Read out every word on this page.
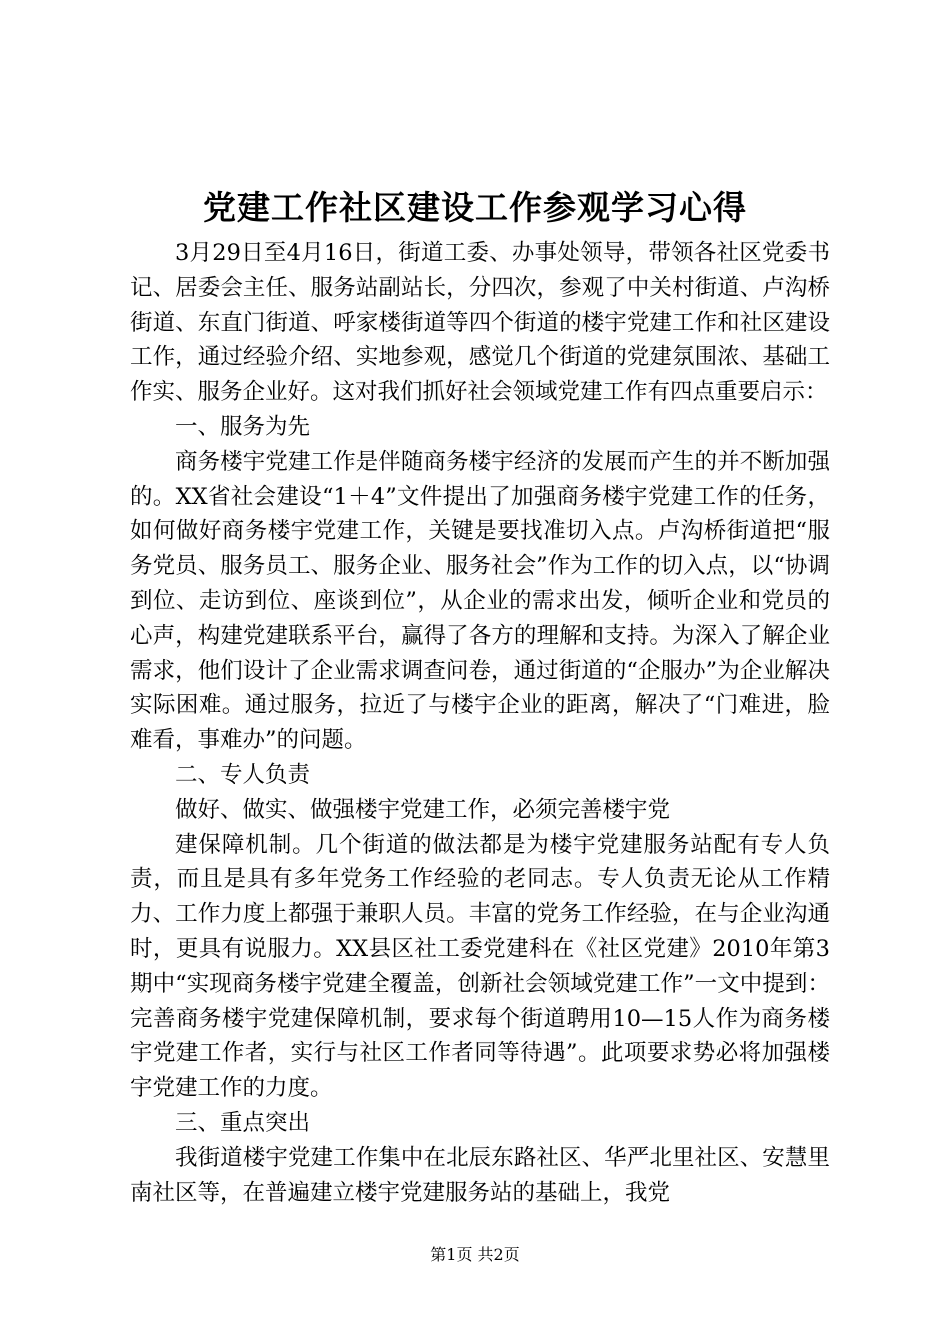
党建工作社区建设工作参观学习心得

3月29日至4月16日，街道工委、办事处领导，带领各社区党委书记、居委会主任、服务站副站长，分四次，参观了中关村街道、卢沟桥街道、东直门街道、呼家楼街道等四个街道的楼宇党建工作和社区建设工作，通过经验介绍、实地参观，感觉几个街道的党建氛围浓、基础工作实、服务企业好。这对我们抓好社会领域党建工作有四点重要启示：

一、服务为先

商务楼宇党建工作是伴随商务楼宇经济的发展而产生的并不断加强的。XX省社会建设“1＋4”文件提出了加强商务楼宇党建工作的任务，如何做好商务楼宇党建工作，关键是要找准切入点。卢沟桥街道把“服务党员、服务员工、服务企业、服务社会”作为工作的切入点，以“协调到位、走访到位、座谈到位”，从企业的需求出发，倾听企业和党员的心声，构建党建联系平台，赢得了各方的理解和支持。为深入了解企业需求，他们设计了企业需求调查问卷，通过街道的“企服办”为企业解决实际困难。通过服务，拉近了与楼宇企业的距离，解决了“门难进，脸难看，事难办”的问题。

二、专人负责

做好、做实、做强楼宇党建工作，必须完善楼宇党

建保障机制。几个街道的做法都是为楼宇党建服务站配有专人负责，而且是具有多年党务工作经验的老同志。专人负责无论从工作精力、工作力度上都强于兼职人员。丰富的党务工作经验，在与企业沟通时，更具有说服力。XX县区社工委党建科在《社区党建》2010年第3期中“实现商务楼宇党建全覆盖，创新社会领域党建工作”一文中提到：完善商务楼宇党建保障机制，要求每个街道聘用10—15人作为商务楼宇党建工作者，实行与社区工作者同等待遇”。此项要求势必将加强楼宇党建工作的力度。

三、重点突出

我街道楼宇党建工作集中在北辰东路社区、华严北里社区、安慧里南社区等，在普遍建立楼宇党建服务站的基础上，我党

第1页 共2页
